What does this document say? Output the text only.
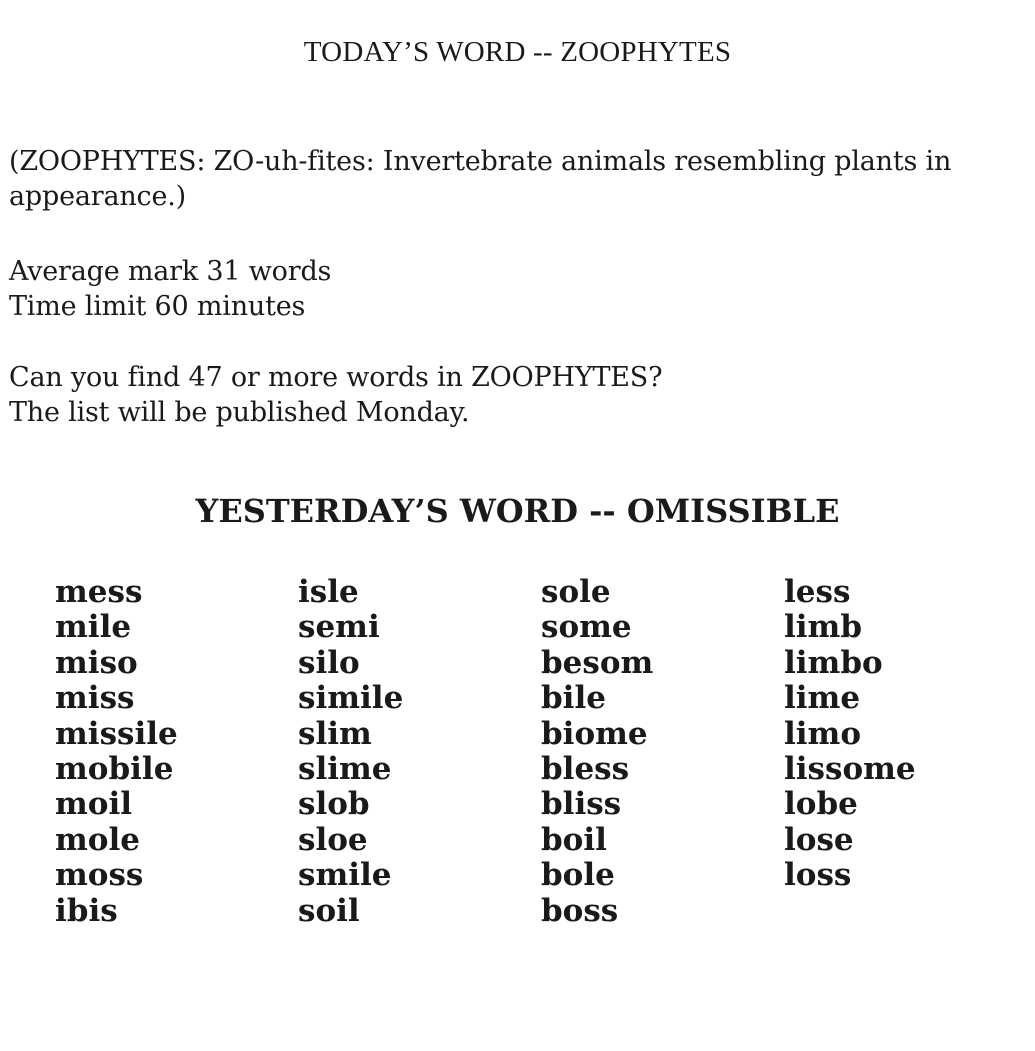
TODAY’S WORD -- ZOOPHYTES
(ZOOPHYTES: ZO-uh-fites: Invertebrate animals resembling plants in
appearance.)
Average mark 31 words
Time limit 60 minutes
Can you find 47 or more words in ZOOPHYTES?
The list will be published Monday.
YESTERDAY’S WORD -- OMISSIBLE
mess
mile
miso
miss
missile
mobile
moil
mole
moss
ibis
isle
semi
silo
simile
slim
slime
slob
sloe
smile
soil
sole
some
besom
bile
biome
bless
bliss
boil
bole
boss
less
limb
limbo
lime
limo
lissome
lobe
lose
loss
